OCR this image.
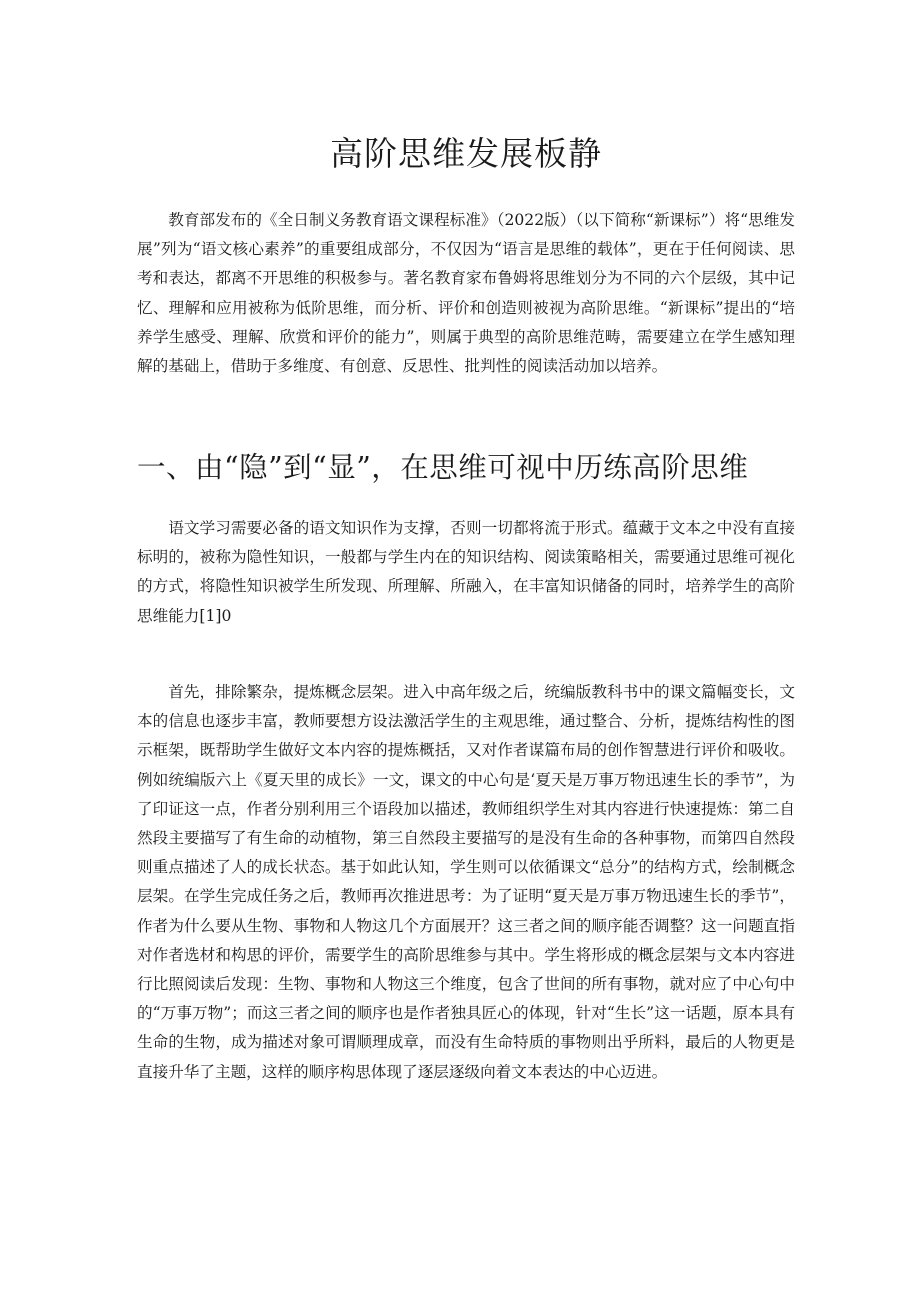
高阶思维发展板静

教育部发布的《全日制义务教育语文课程标准》（2022版）（以下简称“新课标”）将“思维发展”列为“语文核心素养”的重要组成部分，不仅因为“语言是思维的载体”，更在于任何阅读、思考和表达，都离不开思维的积极参与。著名教育家布鲁姆将思维划分为不同的六个层级，其中记忆、理解和应用被称为低阶思维，而分析、评价和创造则被视为高阶思维。“新课标”提出的“培养学生感受、理解、欣赏和评价的能力”，则属于典型的高阶思维范畴，需要建立在学生感知理解的基础上，借助于多维度、有创意、反思性、批判性的阅读活动加以培养。

一、由“隐”到“显”，在思维可视中历练高阶思维

语文学习需要必备的语文知识作为支撑，否则一切都将流于形式。蕴藏于文本之中没有直接标明的，被称为隐性知识，一般都与学生内在的知识结构、阅读策略相关，需要通过思维可视化的方式，将隐性知识被学生所发现、所理解、所融入，在丰富知识储备的同时，培养学生的高阶思维能力[1]0

首先，排除繁杂，提炼概念层架。进入中高年级之后，统编版教科书中的课文篇幅变长，文本的信息也逐步丰富，教师要想方设法激活学生的主观思维，通过整合、分析，提炼结构性的图示框架，既帮助学生做好文本内容的提炼概括，又对作者谋篇布局的创作智慧进行评价和吸收。例如统编版六上《夏天里的成长》一文，课文的中心句是‘夏天是万事万物迅速生长的季节”，为了印证这一点，作者分别利用三个语段加以描述，教师组织学生对其内容进行快速提炼：第二自然段主要描写了有生命的动植物，第三自然段主要描写的是没有生命的各种事物，而第四自然段则重点描述了人的成长状态。基于如此认知，学生则可以依循课文“总分”的结构方式，绘制概念层架。在学生完成任务之后，教师再次推进思考：为了证明“夏天是万事万物迅速生长的季节”，作者为什么要从生物、事物和人物这几个方面展开？这三者之间的顺序能否调整？这一问题直指对作者选材和构思的评价，需要学生的高阶思维参与其中。学生将形成的概念层架与文本内容进行比照阅读后发现：生物、事物和人物这三个维度，包含了世间的所有事物，就对应了中心句中的“万事万物”；而这三者之间的顺序也是作者独具匠心的体现，针对“生长”这一话题，原本具有生命的生物，成为描述对象可谓顺理成章，而没有生命特质的事物则出乎所料，最后的人物更是直接升华了主题，这样的顺序构思体现了逐层逐级向着文本表达的中心迈进。
